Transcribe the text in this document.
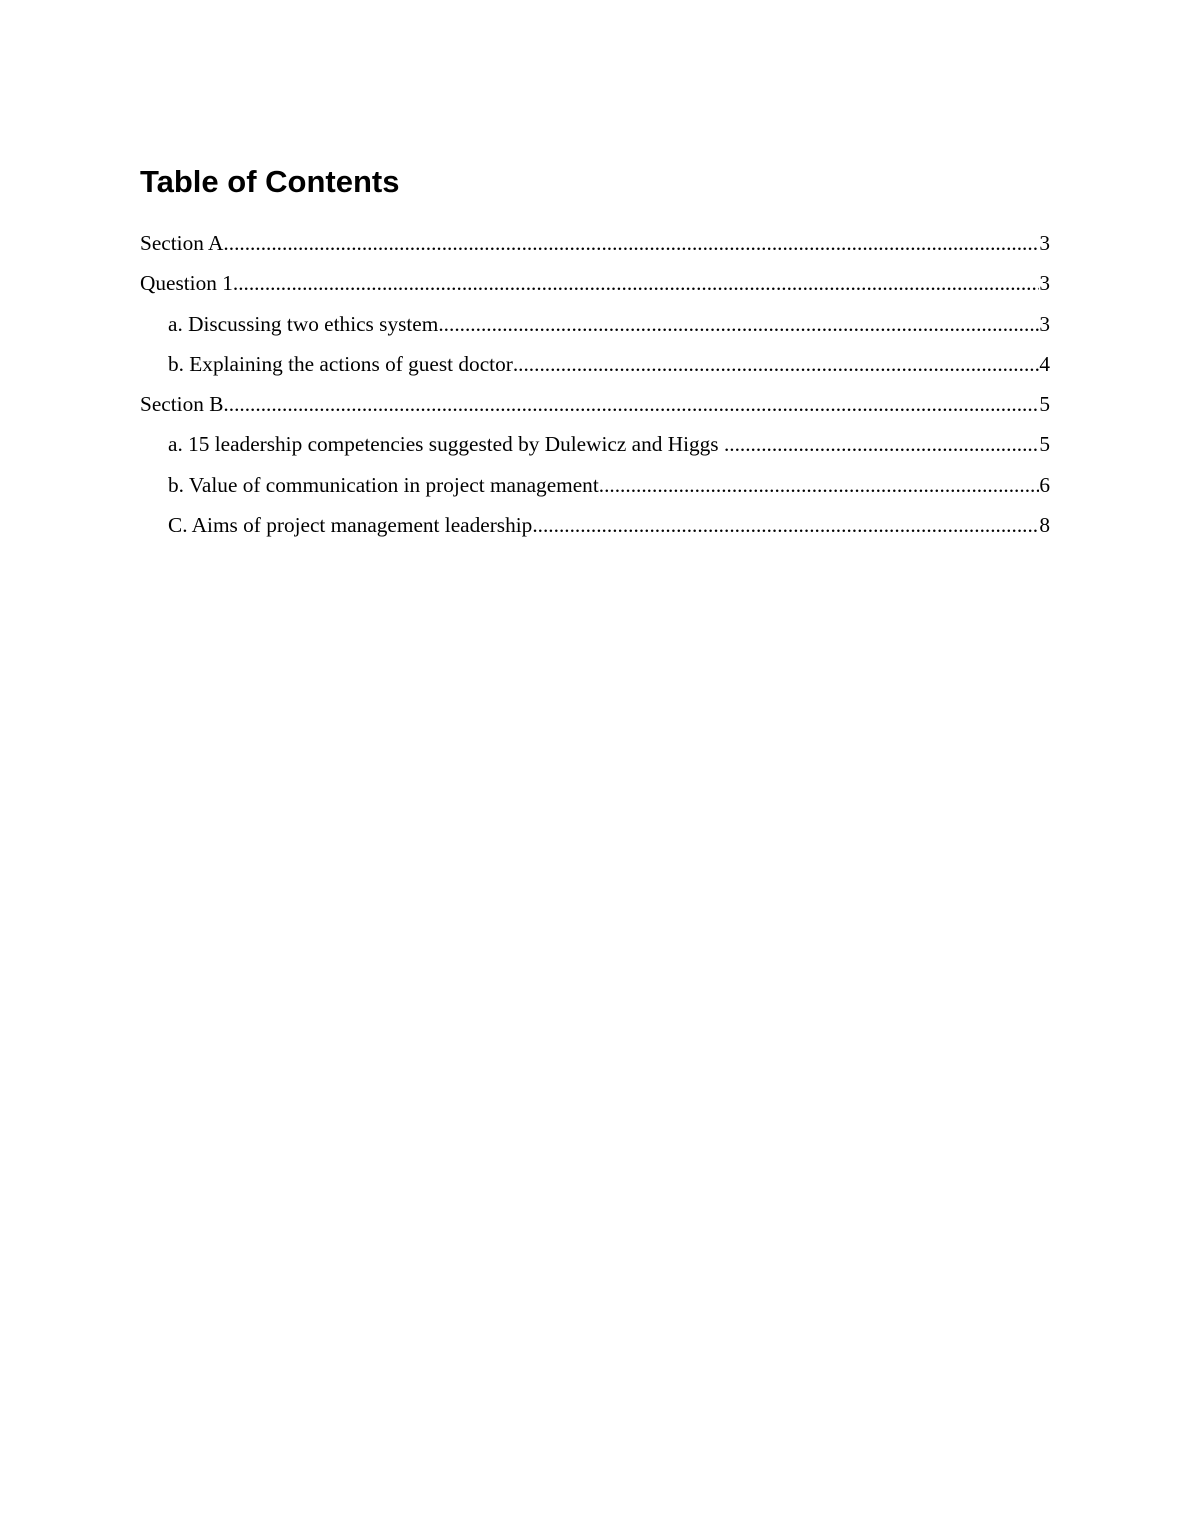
Table of Contents
Section A .....	3
Question 1 .....	3
a. Discussing two ethics system .....	3
b. Explaining the actions of guest doctor .....	4
Section B .....	5
a. 15 leadership competencies suggested by Dulewicz and Higgs .....	5
b. Value of communication in project management .....	6
C. Aims of project management leadership .....	8
